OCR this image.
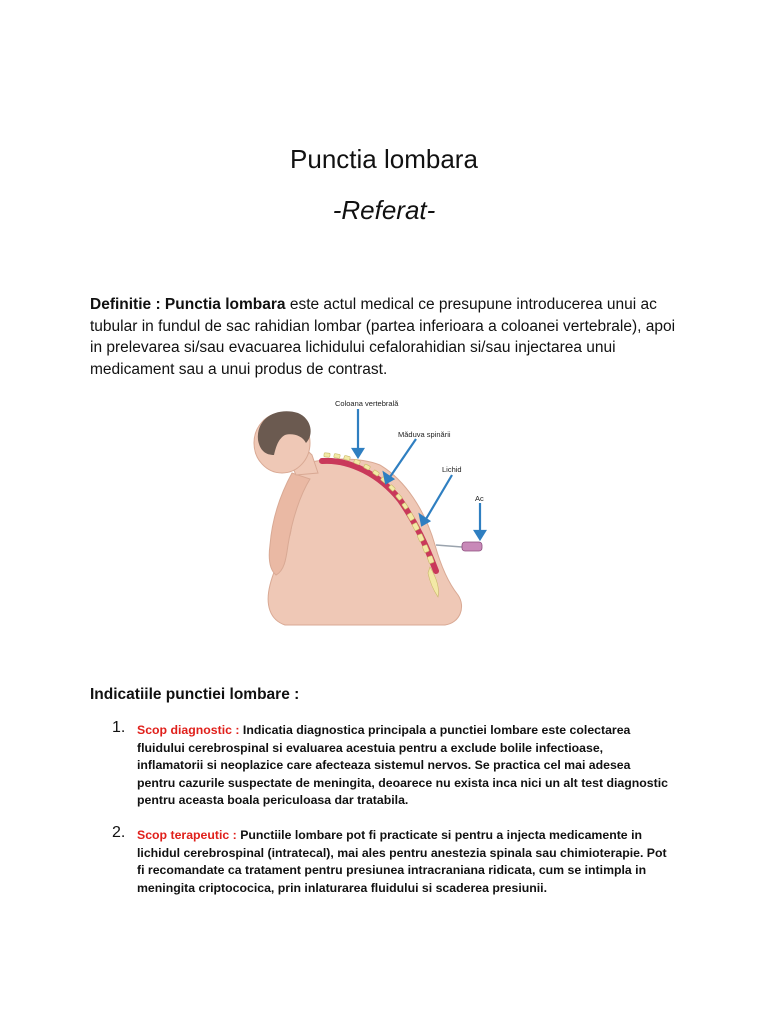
Punctia lombara
-Referat-

Definitie : Punctia lombara este actul medical ce presupune introducerea unui ac tubular in fundul de sac rahidian lombar (partea inferioara a coloanei vertebrale), apoi in prelevarea si/sau evacuarea lichidului cefalorahidian si/sau injectarea unui medicament sau a unui produs de contrast.

Coloana vertebrală
Măduva spinării
Lichid
Ac
Indicatiile punctiei lombare :
1. Scop diagnostic : Indicatia diagnostica principala a punctiei lombare este colectarea fluidului cerebrospinal si evaluarea acestuia pentru a exclude bolile infectioase, inflamatorii si neoplazice care afecteaza sistemul nervos. Se practica cel mai adesea pentru cazurile suspectate de meningita, deoarece nu exista inca nici un alt test diagnostic pentru aceasta boala periculoasa dar tratabila.
2. Scop terapeutic : Punctiile lombare pot fi practicate si pentru a injecta medicamente in lichidul cerebrospinal (intratecal), mai ales pentru anestezia spinala sau chimioterapie. Pot fi recomandate ca tratament pentru presiunea intracraniana ridicata, cum se intimpla in meningita criptococica, prin inlaturarea fluidului si scaderea presiunii.
